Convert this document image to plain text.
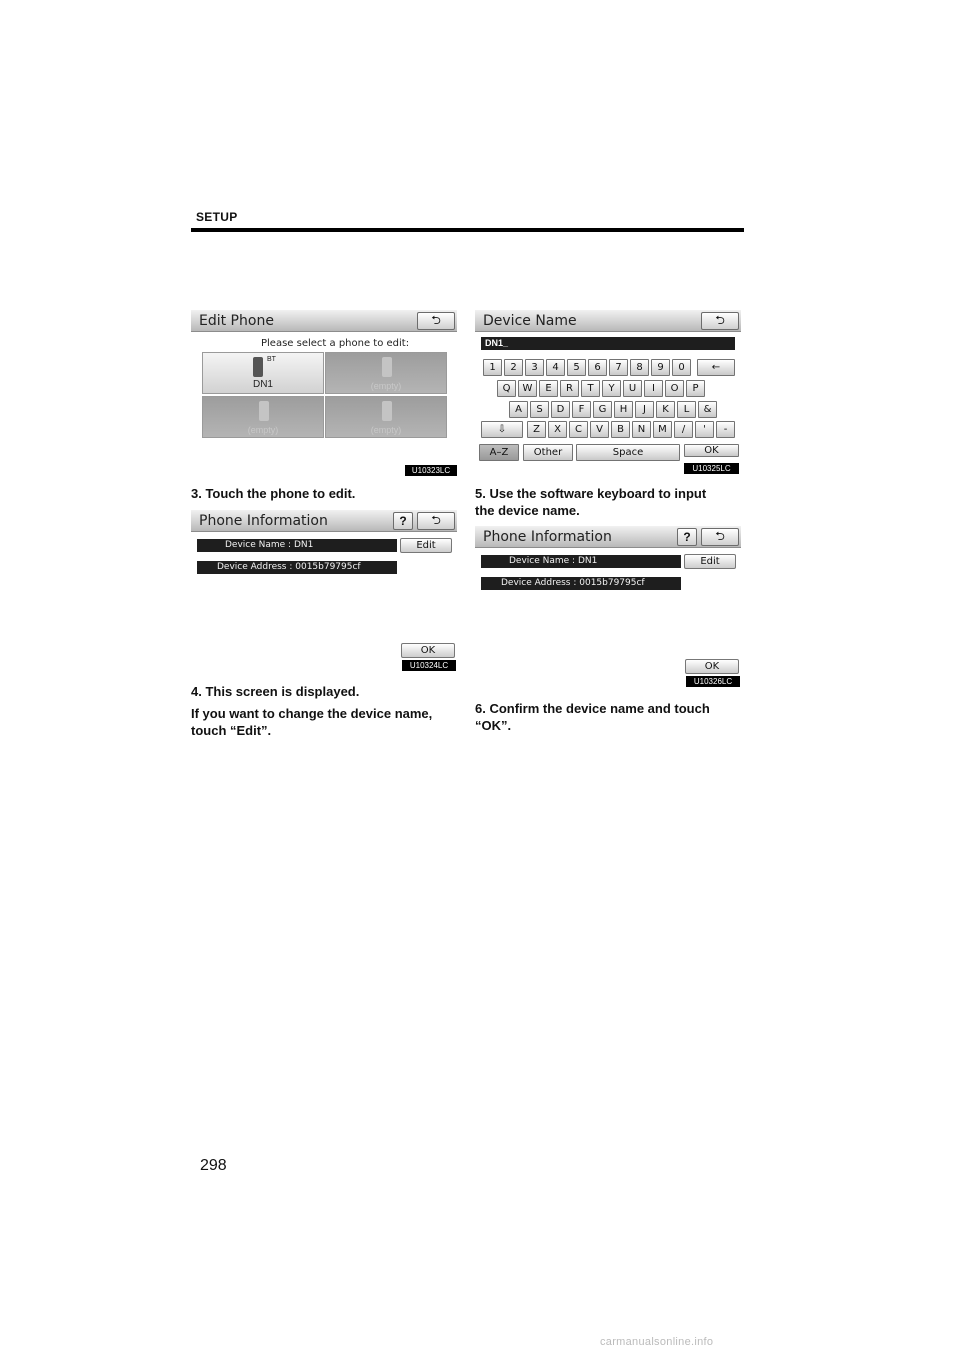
SETUP
Edit Phone	⮌
Please select a phone to edit:
BT
DN1	(empty)
(empty)	(empty)
U10323LC
3. Touch the phone to edit.
Device Name	⮌
DN1_
1	2	3	4	5	6	7	8	9	0
Q	W	E	R	T	Y	U	I	O	P
A	S	D	F	G	H	J	K	L	&
Z	X	C	V	B	N	M	/	'	-
←
⇩
A–Z	Other	Space	OK
U10325LC
5. Use the software keyboard to input
the device name.
Phone Information	?	⮌
Device Name : DN1	Edit
Device Address : 0015b79795cf
OK
U10324LC
4. This screen is displayed.
If you want to change the device name,
touch “Edit”.
Phone Information	?	⮌
Device Name : DN1	Edit
Device Address : 0015b79795cf
OK
U10326LC
6. Confirm the device name and touch
“OK”.
298
carmanualsonline.info
